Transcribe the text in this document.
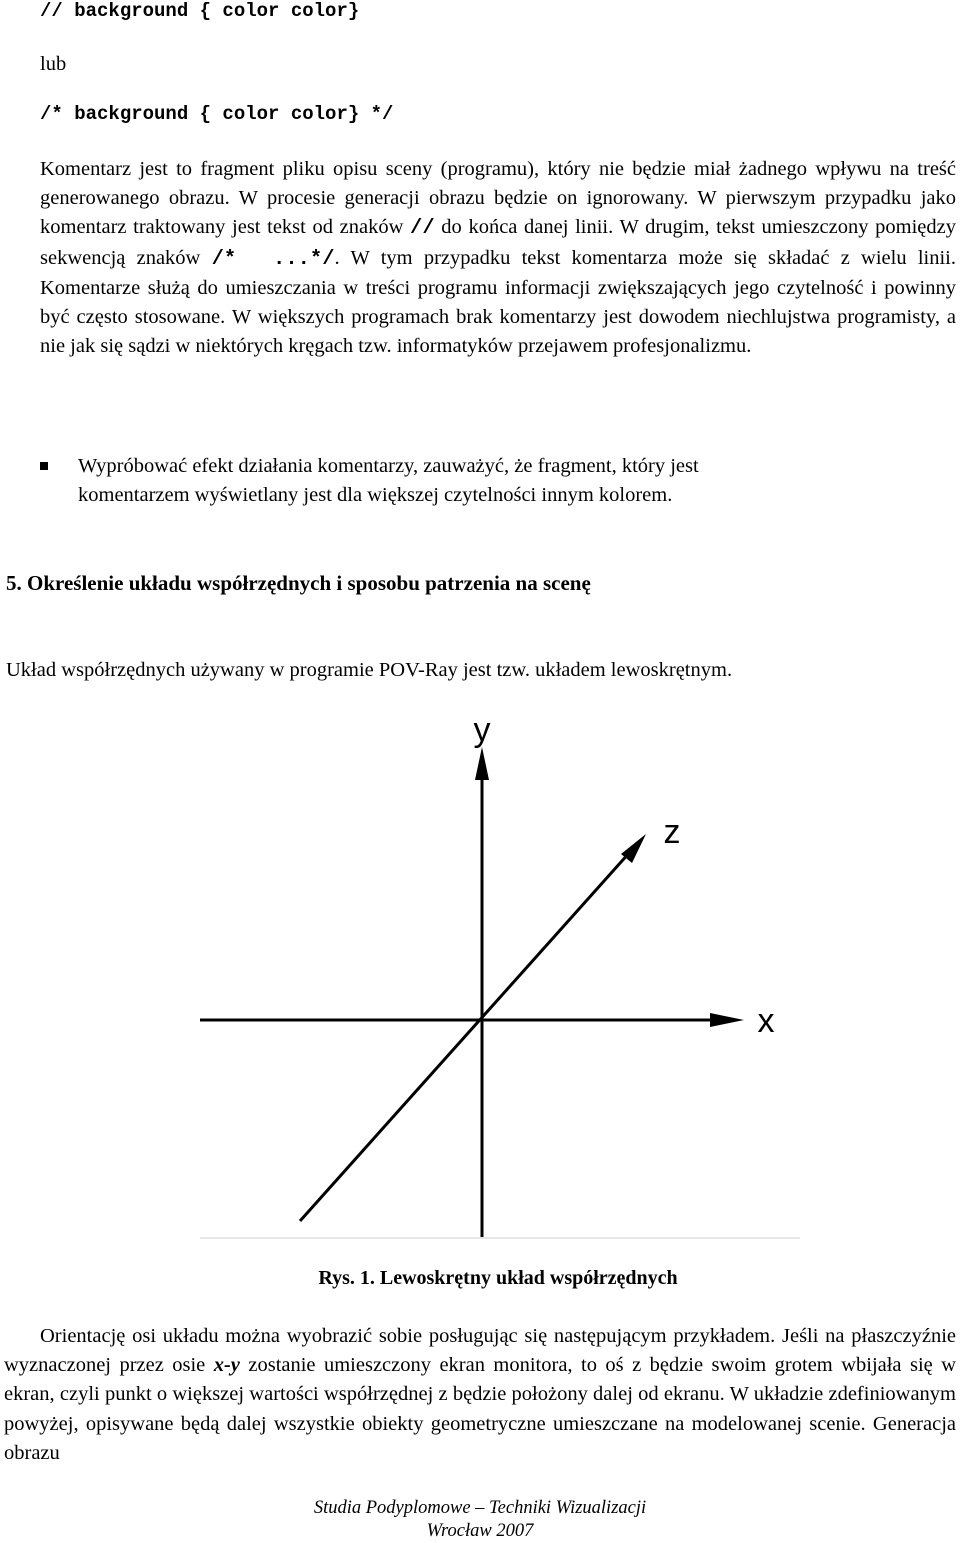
// background { color color}
lub
/* background { color color} */

Komentarz jest to fragment pliku opisu sceny (programu), który nie będzie miał żadnego wpływu na treść generowanego obrazu. W procesie generacji obrazu będzie on ignorowany. W pierwszym przypadku jako komentarz traktowany jest tekst od znaków // do końca danej linii. W drugim, tekst umieszczony pomiędzy sekwencją znaków /*  ...*/. W tym przypadku tekst komentarza może się składać z wielu linii. Komentarze służą do umieszczania w treści programu informacji zwiększających jego czytelność i powinny być często stosowane. W większych programach brak komentarzy jest dowodem niechlujstwa programisty, a nie jak się sądzi w niektórych kręgach tzw. informatyków przejawem profesjonalizmu.

Wypróbować efekt działania komentarzy, zauważyć, że fragment, który jest
komentarzem wyświetlany jest dla większej czytelności innym kolorem.
5. Określenie układu współrzędnych i sposobu patrzenia na scenę
Układ współrzędnych używany w programie POV-Ray jest tzw. układem lewoskrętnym.
y
z
x
Rys. 1. Lewoskrętny układ współrzędnych
Orientację osi układu można wyobrazić sobie posługując się następującym przykładem. Jeśli na płaszczyźnie wyznaczonej przez osie x-y zostanie umieszczony ekran monitora, to oś z będzie swoim grotem wbijała się w ekran, czyli punkt o większej wartości współrzędnej z będzie położony dalej od ekranu. W układzie zdefiniowanym powyżej, opisywane będą dalej wszystkie obiekty geometryczne umieszczane na modelowanej scenie. Generacja obrazu
Studia Podyplomowe – Techniki Wizualizacji
Wrocław 2007
